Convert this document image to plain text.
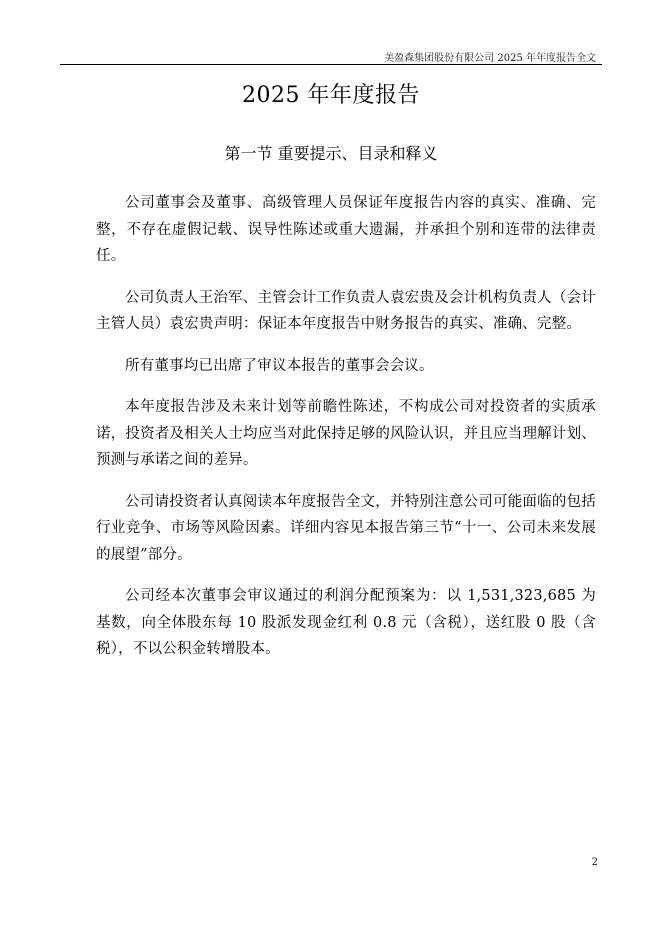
美盈森集团股份有限公司 2025 年年度报告全文
2025 年年度报告
第一节 重要提示、目录和释义

公司董事会及董事、高级管理人员保证年度报告内容的真实、准确、完整，不存在虚假记载、误导性陈述或重大遗漏，并承担个别和连带的法律责任。

公司负责人王治军、主管会计工作负责人袁宏贵及会计机构负责人（会计主管人员）袁宏贵声明：保证本年度报告中财务报告的真实、准确、完整。

所有董事均已出席了审议本报告的董事会会议。

本年度报告涉及未来计划等前瞻性陈述，不构成公司对投资者的实质承诺，投资者及相关人士均应当对此保持足够的风险认识，并且应当理解计划、预测与承诺之间的差异。

公司请投资者认真阅读本年度报告全文，并特别注意公司可能面临的包括行业竞争、市场等风险因素。详细内容见本报告第三节“十一、公司未来发展的展望”部分。

公司经本次董事会审议通过的利润分配预案为：以 1,531,323,685 为基数，向全体股东每 10 股派发现金红利 0.8 元（含税），送红股 0 股（含税），不以公积金转增股本。

2
